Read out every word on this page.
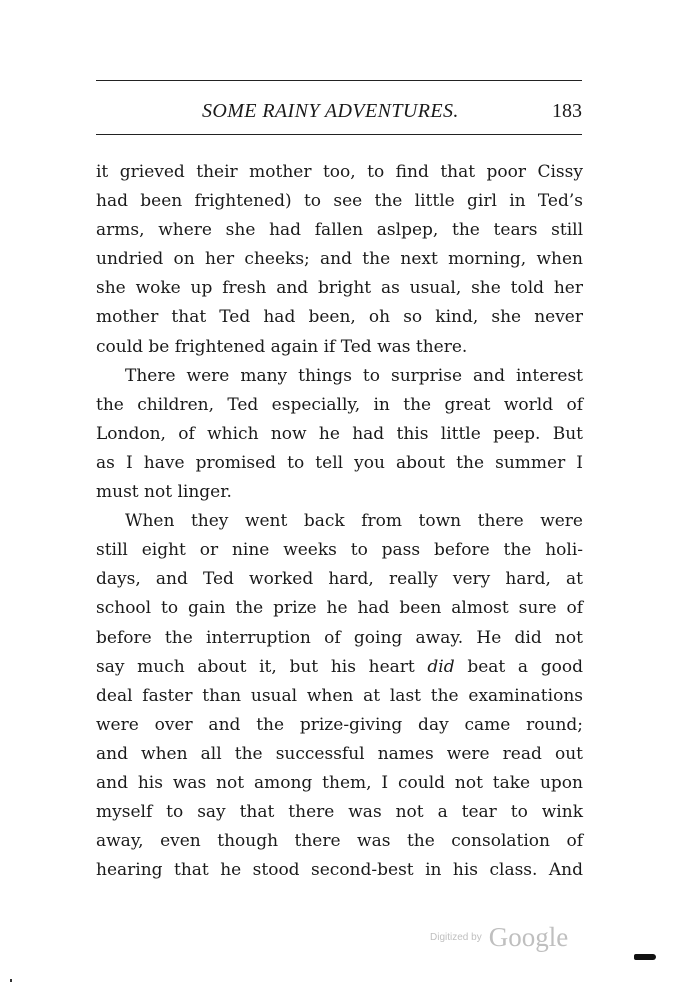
SOME RAINY ADVENTURES.	183
it grieved their mother too, to find that poor Cissy
had been frightened) to see the little girl in Ted’s
arms, where she had fallen aslpep, the tears still
undried on her cheeks; and the next morning, when
she woke up fresh and bright as usual, she told her
mother that Ted had been, oh so kind, she never
could be frightened again if Ted was there.
There were many things to surprise and interest
the children, Ted especially, in the great world of
London, of which now he had this little peep. But
as I have promised to tell you about the summer I
must not linger.
When they went back from town there were
still eight or nine weeks to pass before the holi-
days, and Ted worked hard, really very hard, at
school to gain the prize he had been almost sure of
before the interruption of going away. He did not
say much about it, but his heart did beat a good
deal faster than usual when at last the examinations
were over and the prize-giving day came round;
and when all the successful names were read out
and his was not among them, I could not take upon
myself to say that there was not a tear to wink
away, even though there was the consolation of
hearing that he stood second-best in his class. And
Digitized by Google
